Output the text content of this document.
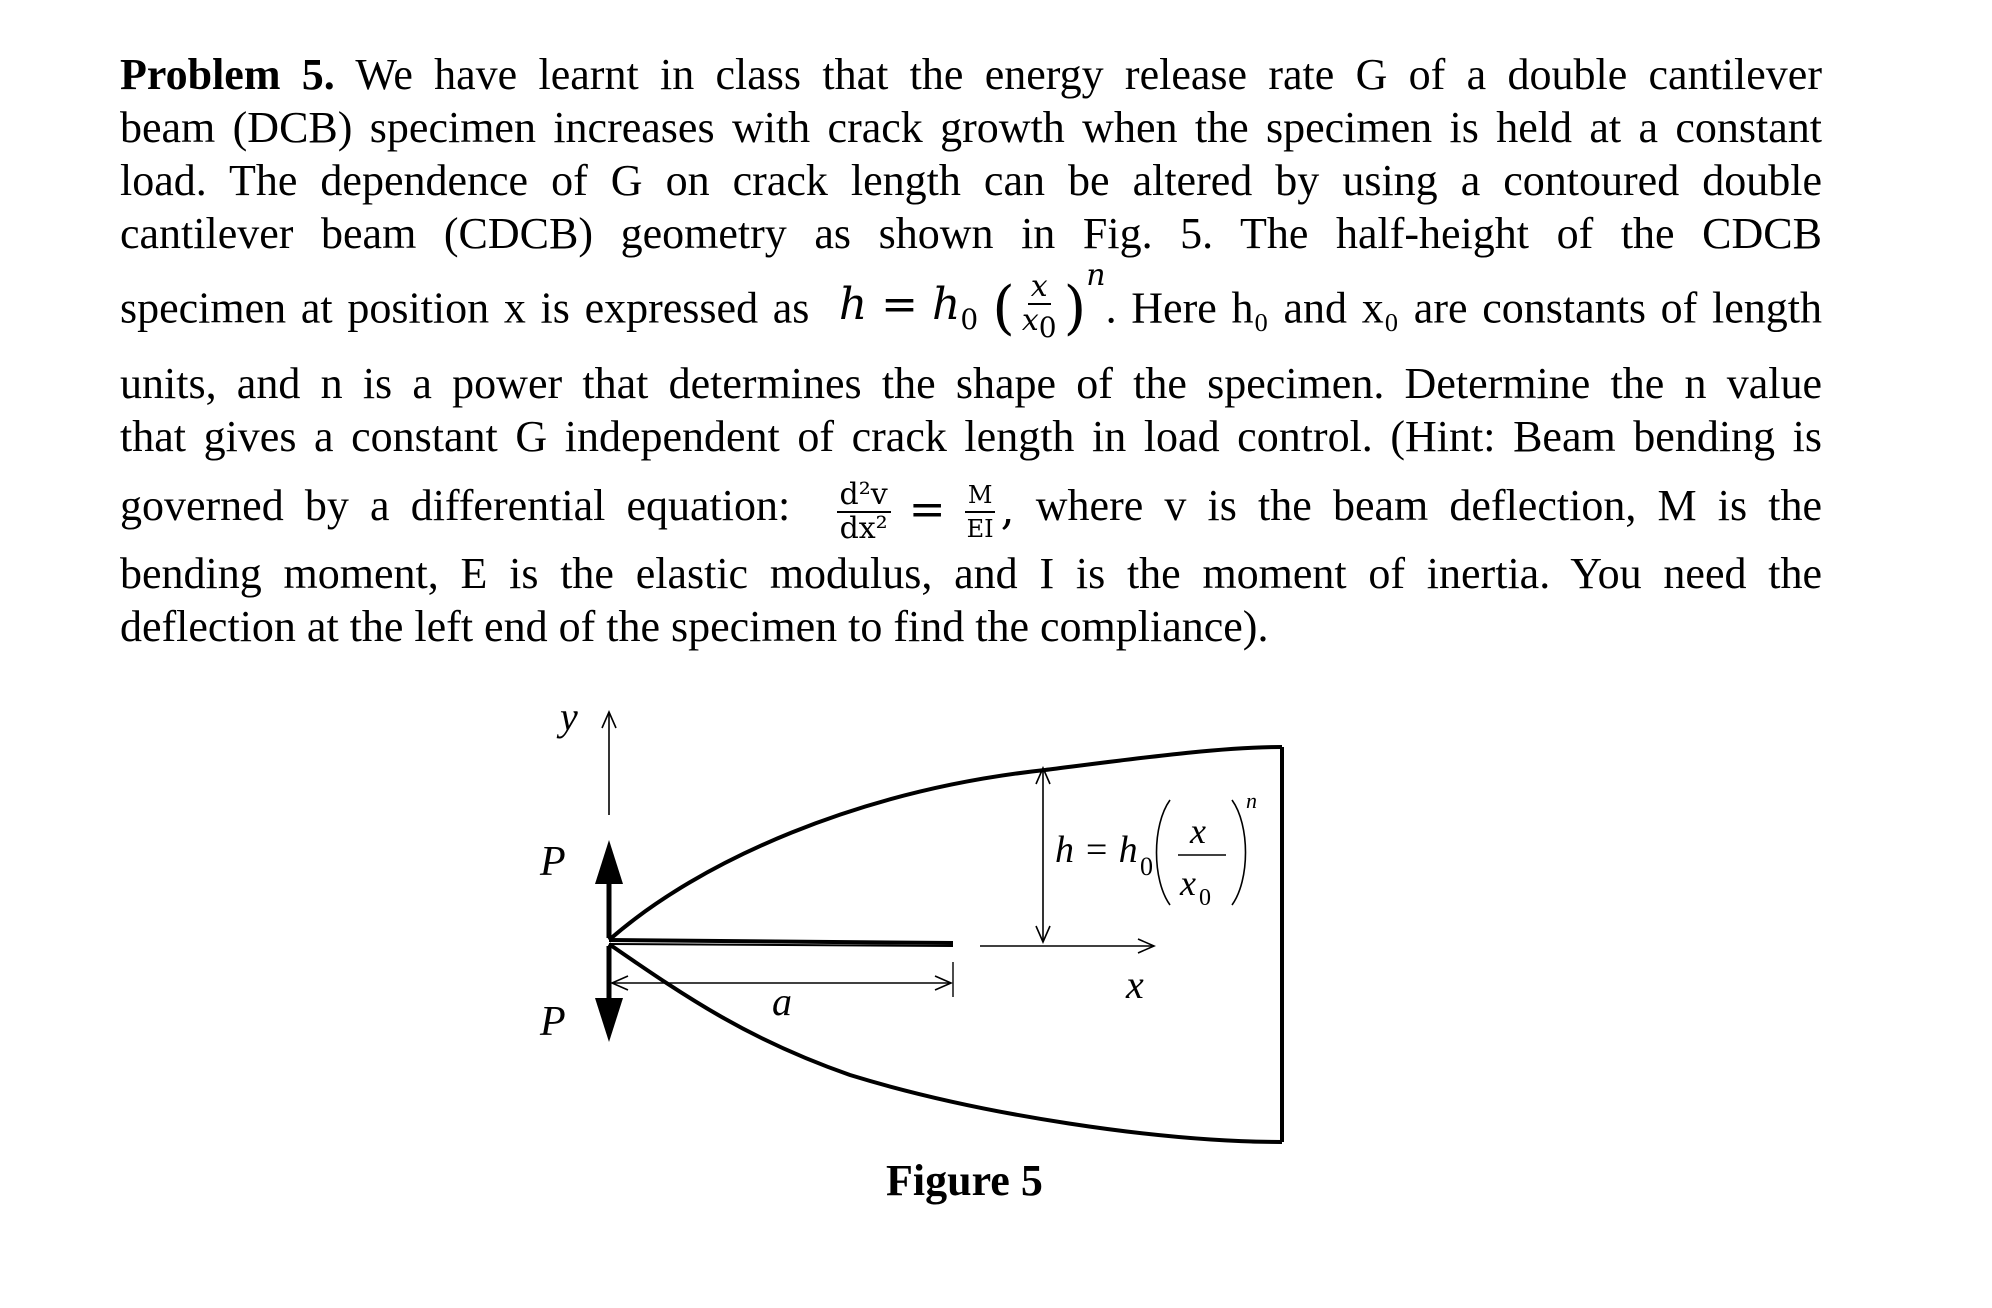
Problem 5. We have learnt in class that the energy release rate G of a double cantilever
beam (DCB) specimen increases with crack growth when the specimen is held at a constant
load. The dependence of G on crack length can be altered by using a contoured double
cantilever beam (CDCB) geometry as shown in Fig. 5. The half-height of the CDCB
specimen at position x is expressed as $h = h_0$ ( $\frac{x}{x_0} )^n$. Here h₀ and x₀ are constants of length
units, and n is a power that determines the shape of the specimen. Determine the n value
that gives a constant G independent of crack length in load control. (Hint: Beam bending is
governed by a differential equation: $\frac{\text{d²v}}{\text{dx²}} = \frac{M}{EI}$ , where v is the beam deflection, M is the
bending moment, E is the elastic modulus, and I is the moment of inertia. You need the
deflection at the left end of the specimen to find the compliance).
y
P
P	a	x
h = h 0
x
x 0
n
Figure 5
